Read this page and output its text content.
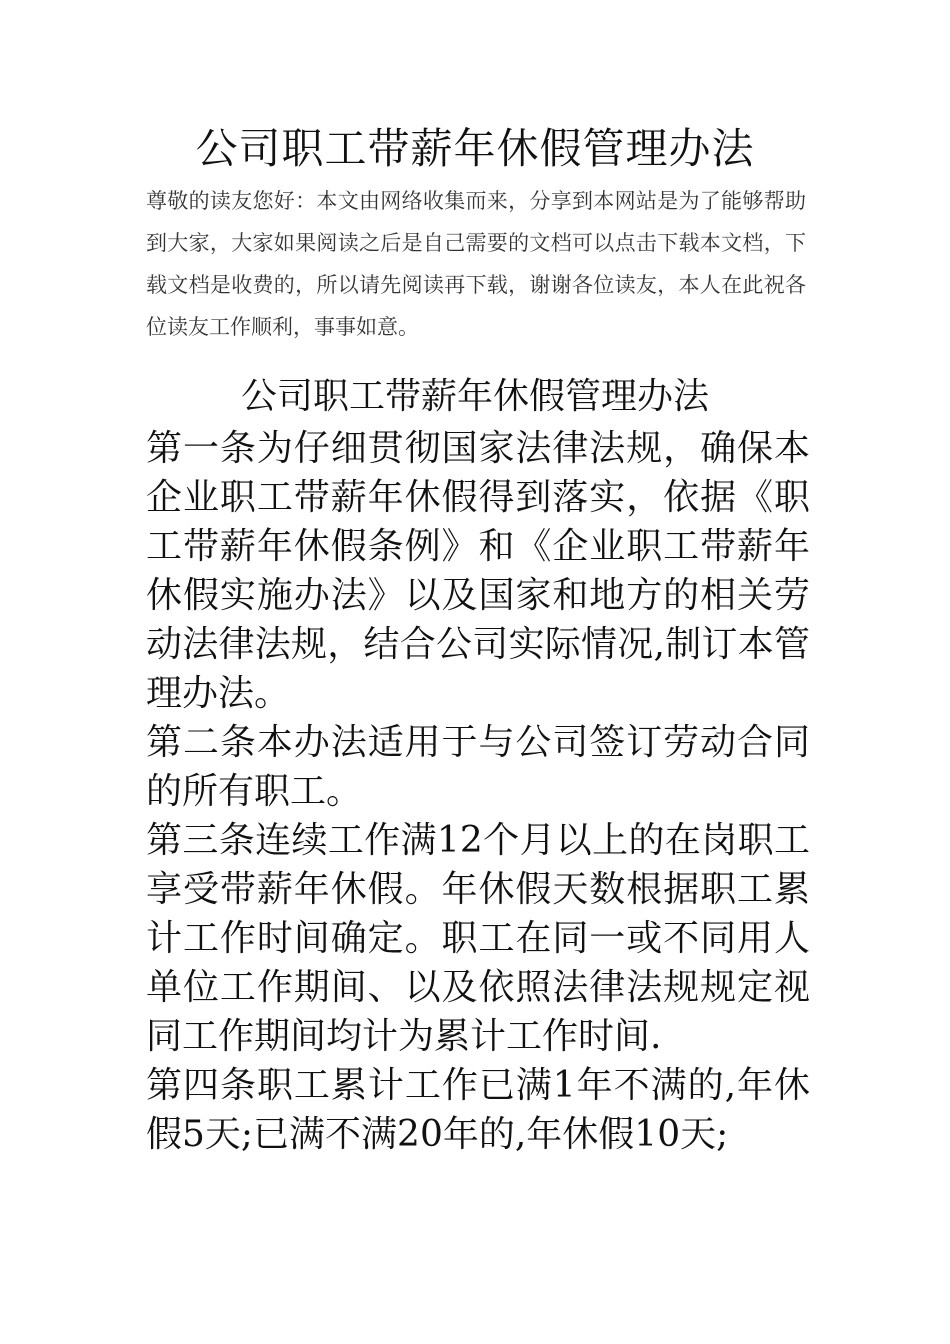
公司职工带薪年休假管理办法

尊敬的读友您好：本文由网络收集而来，分享到本网站是为了能够帮助到大家，大家如果阅读之后是自己需要的文档可以点击下载本文档，下载文档是收费的，所以请先阅读再下载，谢谢各位读友，本人在此祝各位读友工作顺利，事事如意。

公司职工带薪年休假管理办法

第一条为仔细贯彻国家法律法规，确保本企业职工带薪年休假得到落实，依据《职工带薪年休假条例》和《企业职工带薪年休假实施办法》以及国家和地方的相关劳动法律法规，结合公司实际情况,制订本管理办法。

第二条本办法适用于与公司签订劳动合同的所有职工。

第三条连续工作满12个月以上的在岗职工享受带薪年休假。年休假天数根据职工累计工作时间确定。职工在同一或不同用人单位工作期间、以及依照法律法规规定视同工作期间均计为累计工作时间.

第四条职工累计工作已满1年不满的,年休假5天;已满不满20年的,年休假10天;
